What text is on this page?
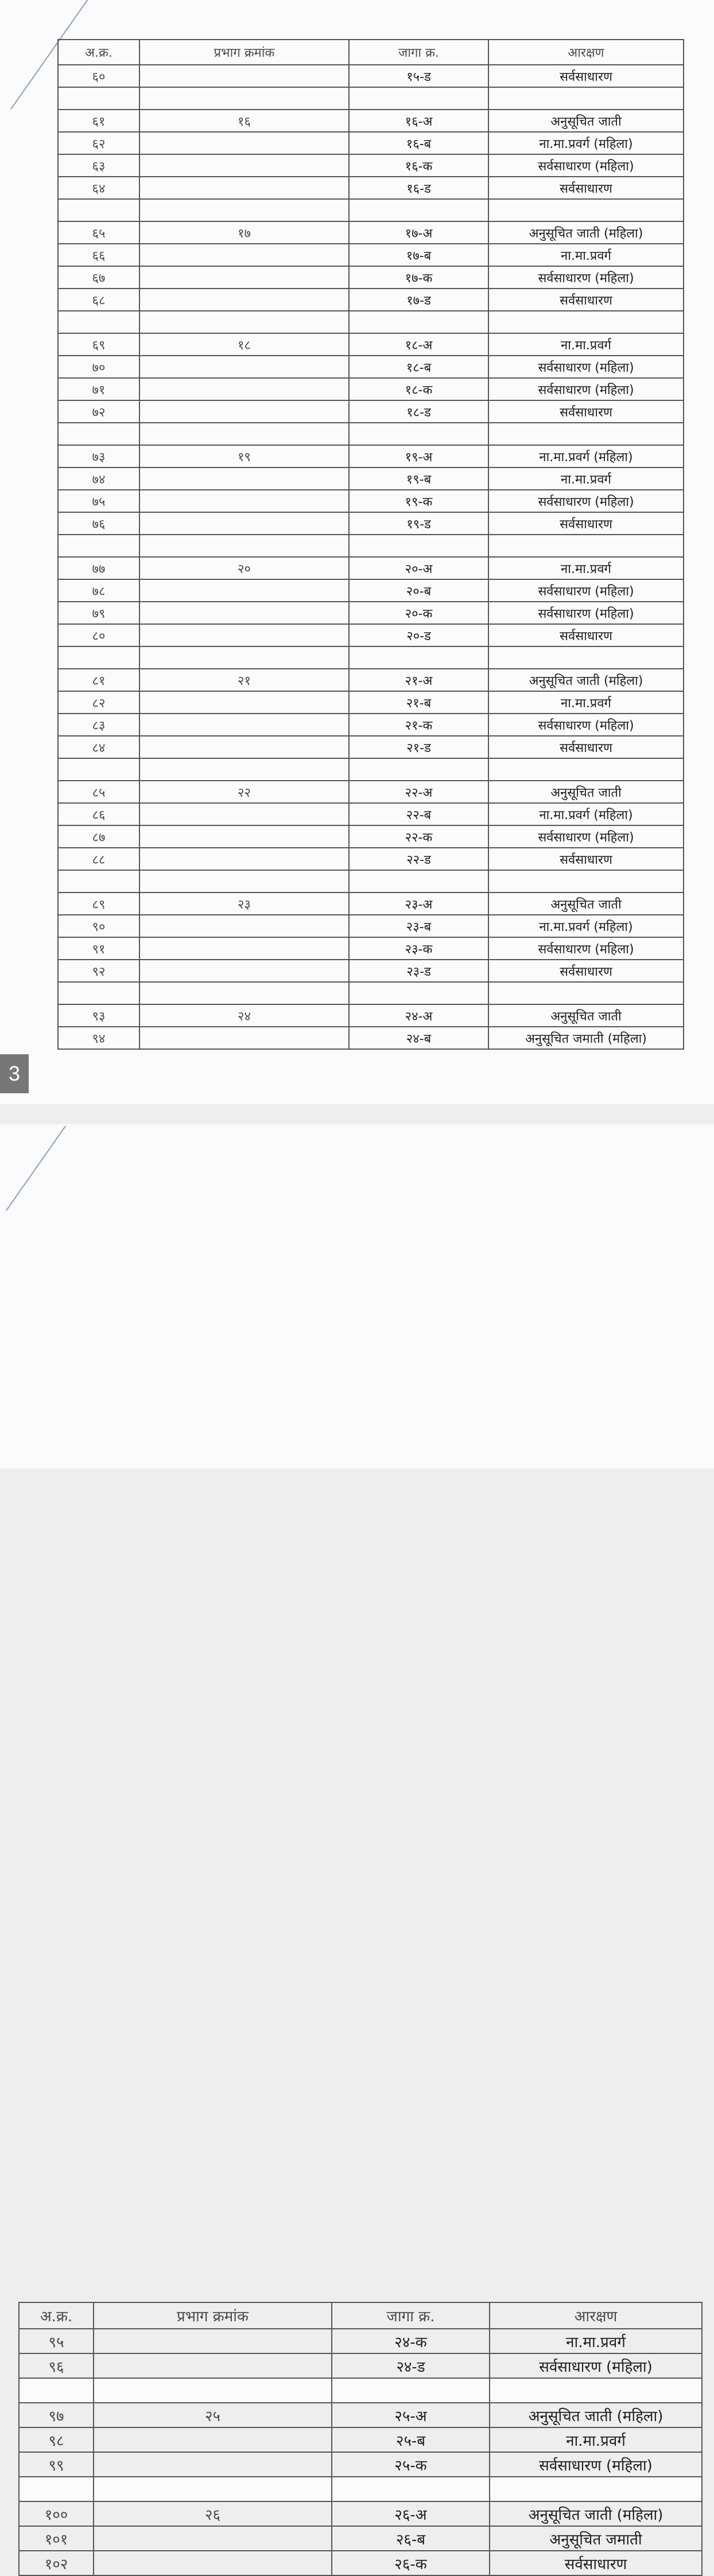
अ.क्र.	प्रभाग क्रमांक	जागा क्र.	आरक्षण
६०		१५-ड	सर्वसाधारण

६१	१६	१६-अ	अनुसूचित जाती
६२		१६-ब	ना.मा.प्रवर्ग (महिला)
६३		१६-क	सर्वसाधारण (महिला)
६४		१६-ड	सर्वसाधारण

६५	१७	१७-अ	अनुसूचित जाती (महिला)
६६		१७-ब	ना.मा.प्रवर्ग
६७		१७-क	सर्वसाधारण (महिला)
६८		१७-ड	सर्वसाधारण

६९	१८	१८-अ	ना.मा.प्रवर्ग
७०		१८-ब	सर्वसाधारण (महिला)
७१		१८-क	सर्वसाधारण (महिला)
७२		१८-ड	सर्वसाधारण

७३	१९	१९-अ	ना.मा.प्रवर्ग (महिला)
७४		१९-ब	ना.मा.प्रवर्ग
७५		१९-क	सर्वसाधारण (महिला)
७६		१९-ड	सर्वसाधारण

७७	२०	२०-अ	ना.मा.प्रवर्ग
७८		२०-ब	सर्वसाधारण (महिला)
७९		२०-क	सर्वसाधारण (महिला)
८०		२०-ड	सर्वसाधारण

८१	२१	२१-अ	अनुसूचित जाती (महिला)
८२		२१-ब	ना.मा.प्रवर्ग
८३		२१-क	सर्वसाधारण (महिला)
८४		२१-ड	सर्वसाधारण

८५	२२	२२-अ	अनुसूचित जाती
८६		२२-ब	ना.मा.प्रवर्ग (महिला)
८७		२२-क	सर्वसाधारण (महिला)
८८		२२-ड	सर्वसाधारण

८९	२३	२३-अ	अनुसूचित जाती
९०		२३-ब	ना.मा.प्रवर्ग (महिला)
९१		२३-क	सर्वसाधारण (महिला)
९२		२३-ड	सर्वसाधारण

९३	२४	२४-अ	अनुसूचित जाती
९४		२४-ब	अनुसूचित जमाती (महिला)
3
अ.क्र.	प्रभाग क्रमांक	जागा क्र.	आरक्षण
९५		२४-क	ना.मा.प्रवर्ग
९६		२४-ड	सर्वसाधारण (महिला)

९७	२५	२५-अ	अनुसूचित जाती (महिला)
९८		२५-ब	ना.मा.प्रवर्ग
९९		२५-क	सर्वसाधारण (महिला)

१००	२६	२६-अ	अनुसूचित जाती (महिला)
१०१		२६-ब	अनुसूचित जमाती
१०२		२६-क	सर्वसाधारण
